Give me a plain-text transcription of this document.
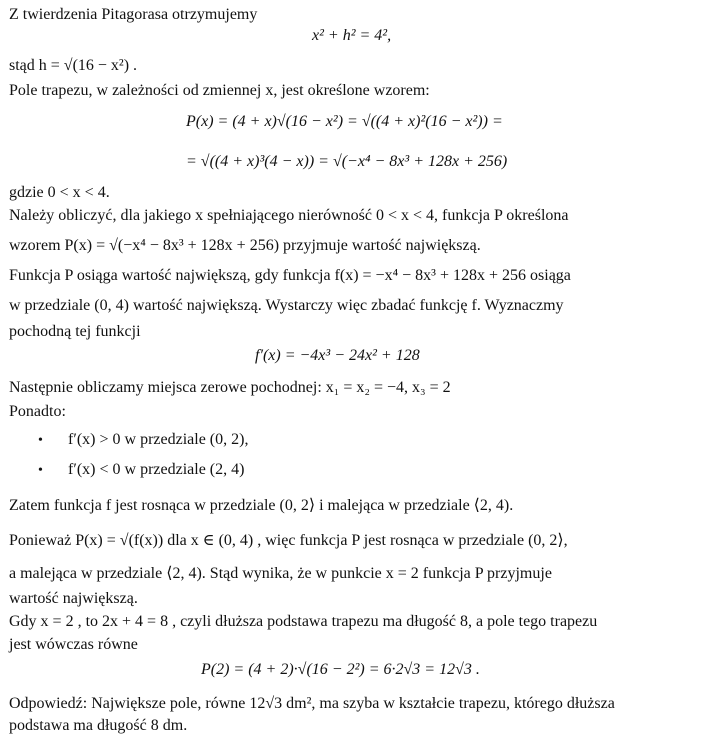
Z twierdzenia Pitagorasa otrzymujemy
x² + h² = 4²,
stąd h = √(16 − x²) .
Pole trapezu, w zależności od zmiennej x, jest określone wzorem:
P(x) = (4 + x)√(16 − x²) = √((4 + x)²(16 − x²)) =
= √((4 + x)³(4 − x)) = √(−x⁴ − 8x³ + 128x + 256)
gdzie 0 < x < 4.
Należy obliczyć, dla jakiego x spełniającego nierówność 0 < x < 4, funkcja P określona
wzorem P(x) = √(−x⁴ − 8x³ + 128x + 256) przyjmuje wartość największą.
Funkcja P osiąga wartość największą, gdy funkcja f(x) = −x⁴ − 8x³ + 128x + 256 osiąga
w przedziale (0, 4) wartość największą. Wystarczy więc zbadać funkcję f. Wyznaczmy
pochodną tej funkcji
f′(x) = −4x³ − 24x² + 128
Następnie obliczamy miejsca zerowe pochodnej: x₁ = x₂ = −4, x₃ = 2
Ponadto:
• f′(x) > 0 w przedziale (0, 2),
• f′(x) < 0 w przedziale (2, 4)
Zatem funkcja f jest rosnąca w przedziale (0, 2⟩ i malejąca w przedziale ⟨2, 4).
Ponieważ P(x) = √(f(x)) dla x ∈ (0, 4) , więc funkcja P jest rosnąca w przedziale (0, 2⟩,
a malejąca w przedziale ⟨2, 4). Stąd wynika, że w punkcie x = 2 funkcja P przyjmuje
wartość największą.
Gdy x = 2 , to 2x + 4 = 8 , czyli dłuższa podstawa trapezu ma długość 8, a pole tego trapezu
jest wówczas równe
P(2) = (4 + 2)·√(16 − 2²) = 6·2√3 = 12√3 .
Odpowiedź: Największe pole, równe 12√3 dm², ma szyba w kształcie trapezu, którego dłuższa
podstawa ma długość 8 dm.
